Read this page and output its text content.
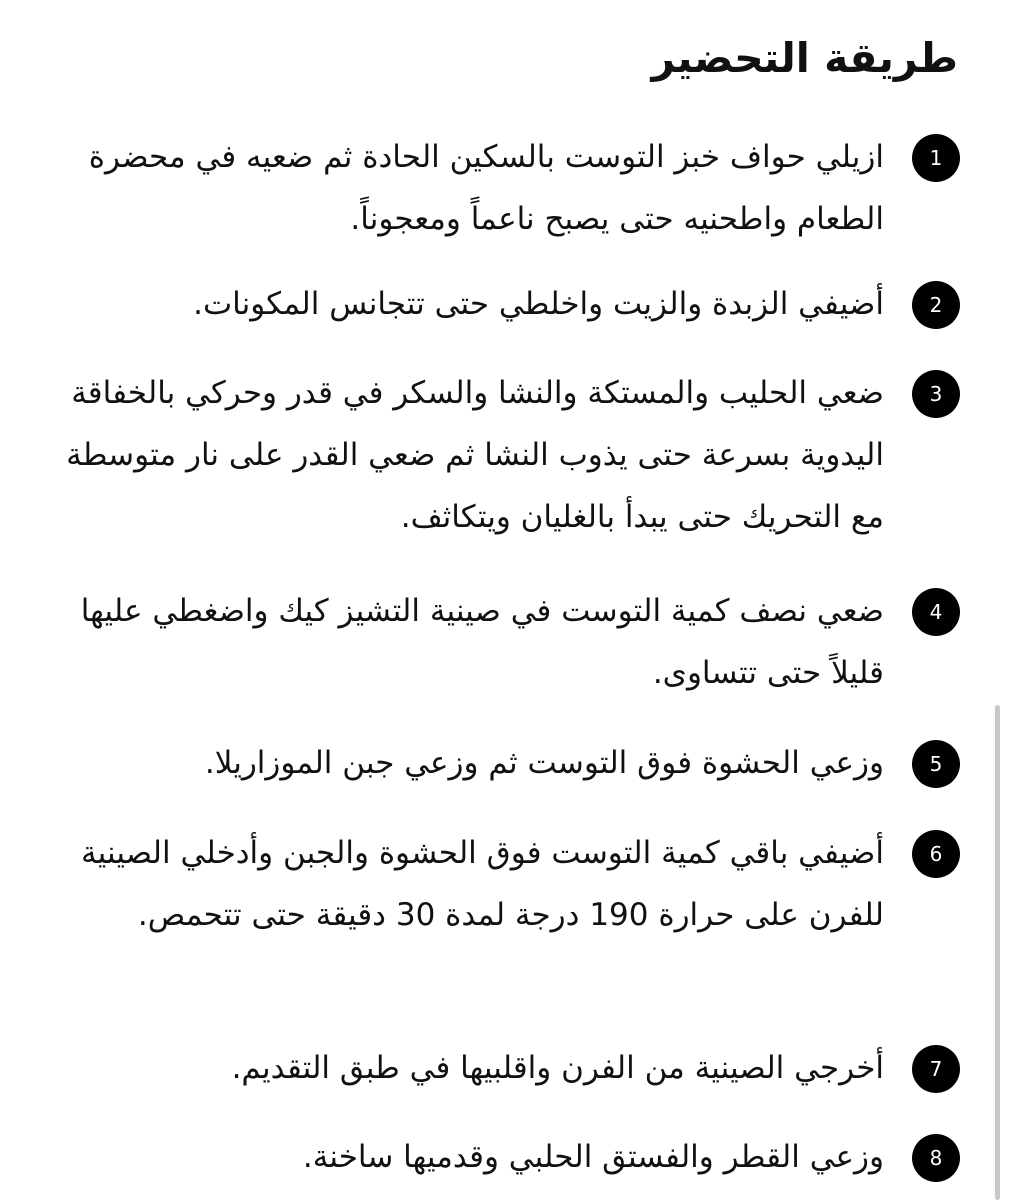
طريقة التحضير
1

ازيلي حواف خبز التوست بالسكين الحادة ثم ضعيه في محضرة الطعام واطحنيه حتى يصبح ناعماً ومعجوناً.

2

أضيفي الزبدة والزيت واخلطي حتى تتجانس المكونات.

3

ضعي الحليب والمستكة والنشا والسكر في قدر وحركي بالخفاقة اليدوية بسرعة حتى يذوب النشا ثم ضعي القدر على نار متوسطة مع التحريك حتى يبدأ بالغليان ويتكاثف.

4

ضعي نصف كمية التوست في صينية التشيز كيك واضغطي عليها قليلاً حتى تتساوى.

5

وزعي الحشوة فوق التوست ثم وزعي جبن الموزاريلا.

6

أضيفي باقي كمية التوست فوق الحشوة والجبن وأدخلي الصينية للفرن على حرارة 190 درجة لمدة 30 دقيقة حتى تتحمص.

7

أخرجي الصينية من الفرن واقلبيها في طبق التقديم.

8

وزعي القطر والفستق الحلبي وقدميها ساخنة.
